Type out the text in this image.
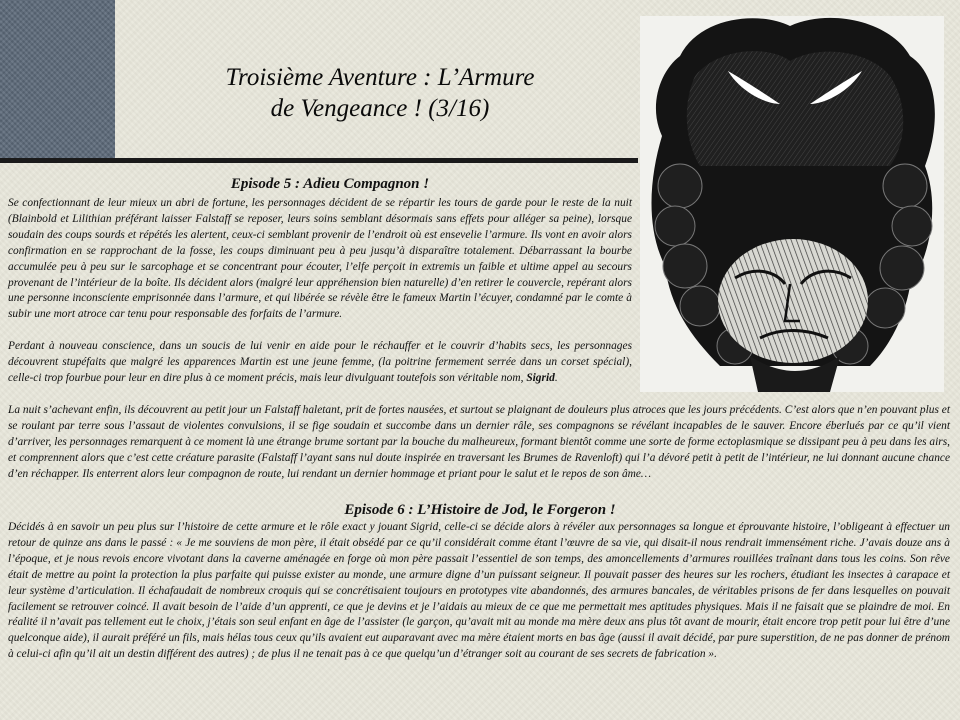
Troisième Aventure : L’Armure
de Vengeance ! (3/16)
Episode 5 : Adieu Compagnon !

Se confectionnant de leur mieux un abri de fortune, les personnages décident de se répartir les tours de garde pour le reste de la nuit (Blainbold et Lilithian préférant laisser Falstaff se reposer, leurs soins semblant désormais sans effets pour alléger sa peine), lorsque soudain des coups sourds et répétés les alertent, ceux-ci semblant provenir de l’endroit où est ensevelie l’armure. Ils vont en avoir alors confirmation en se rapprochant de la fosse, les coups diminuant peu à peu jusqu’à disparaître totalement. Débarrassant la bourbe accumulée peu à peu sur le sarcophage et se concentrant pour écouter, l’elfe perçoit in extremis un faible et ultime appel au secours provenant de l’intérieur de la boîte. Ils décident alors (malgré leur appréhension bien naturelle) d’en retirer le couvercle, repérant alors une personne inconsciente emprisonnée dans l’armure, et qui libérée se révèle être le fameux Martin l’écuyer, condamné par le comte à subir une mort atroce car tenu pour responsable des forfaits de l’armure.

Perdant à nouveau conscience, dans un soucis de lui venir en aide pour le réchauffer et le couvrir d’habits secs, les personnages découvrent stupéfaits que malgré les apparences Martin est une jeune femme, (la poitrine fermement serrée dans un corset spécial), celle-ci trop fourbue pour leur en dire plus à ce moment précis, mais leur divulguant toutefois son véritable nom, Sigrid.

La nuit s’achevant enfin, ils découvrent au petit jour un Falstaff haletant, prit de fortes nausées, et surtout se plaignant de douleurs plus atroces que les jours précédents. C’est alors que n’en pouvant plus et se roulant par terre sous l’assaut de violentes convulsions, il se fige soudain et succombe dans un dernier râle, ses compagnons se révélant incapables de le sauver. Encore éberlués par ce qu’il vient d’arriver, les personnages remarquent à ce moment là une étrange brume sortant par la bouche du malheureux, formant bientôt comme une sorte de forme ectoplasmique se dissipant peu à peu dans les airs, et comprennent alors que c’est cette créature parasite (Falstaff l’ayant sans nul doute inspirée en traversant les Brumes de Ravenloft) qui l’a dévoré petit à petit de l’intérieur, ne lui donnant aucune chance d’en réchapper. Ils enterrent alors leur compagnon de route, lui rendant un dernier hommage et priant pour le salut et le repos de son âme…

Episode 6 : L’Histoire de Jod, le Forgeron !

Décidés à en savoir un peu plus sur l’histoire de cette armure et le rôle exact y jouant Sigrid, celle-ci se décide alors à révéler aux personnages sa longue et éprouvante histoire, l’obligeant à effectuer un retour de quinze ans dans le passé : « Je me souviens de mon père, il était obsédé par ce qu’il considérait comme étant l’œuvre de sa vie, qui disait-il nous rendrait immensément riche. J’avais douze ans à l’époque, et je nous revois encore vivotant dans la caverne aménagée en forge où mon père passait l’essentiel de son temps, des amoncellements d’armures rouillées traînant dans tous les coins. Son rêve était de mettre au point la protection la plus parfaite qui puisse exister au monde, une armure digne d’un puissant seigneur. Il pouvait passer des heures sur les rochers, étudiant les insectes à carapace et leur système d’articulation. Il échafaudait de nombreux croquis qui se concrétisaient toujours en prototypes vite abandonnés, des armures bancales, de véritables prisons de fer dans lesquelles on pouvait facilement se retrouver coincé. Il avait besoin de l’aide d’un apprenti, ce que je devins et je l’aidais au mieux de ce que me permettait mes aptitudes physiques. Mais il ne faisait que se plaindre de moi. En réalité il n’avait pas tellement eut le choix, j’étais son seul enfant en âge de l’assister (le garçon, qu’avait mit au monde ma mère deux ans plus tôt avant de mourir, était encore trop petit pour lui être d’une quelconque aide), il aurait préféré un fils, mais hélas tous ceux qu’ils avaient eut auparavant avec ma mère étaient morts en bas âge (aussi il avait décidé, par pure superstition, de ne pas donner de prénom à celui-ci afin qu’il ait un destin différent des autres) ; de plus il ne tenait pas à ce que quelqu’un d’étranger soit au courant de ses secrets de fabrication ».
